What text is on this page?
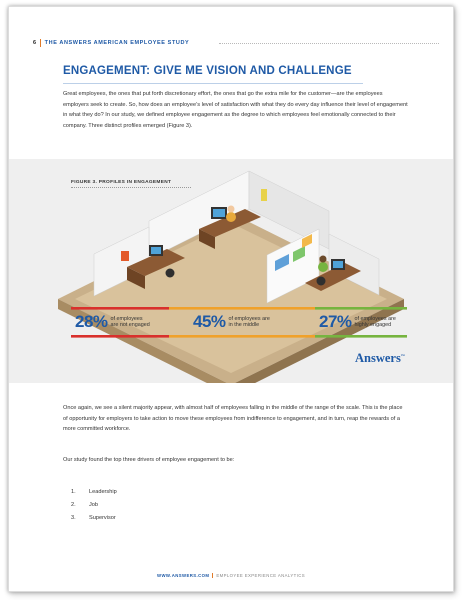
6 THE ANSWERS AMERICAN EMPLOYEE STUDY
ENGAGEMENT: GIVE ME VISION AND CHALLENGE
Great employees, the ones that put forth discretionary effort, the ones that go the extra mile for the customer—are the employees employers seek to create. So, how does an employee’s level of satisfaction with what they do every day influence their level of engagement in what they do? In our study, we defined employee engagement as the degree to which employees feel emotionally connected to their company. Three distinct profiles emerged (Figure 3).
FIGURE 3. PROFILES IN ENGAGEMENT
28% of employees
are not engaged	45% of employees are
in the middle	27% of employees are
highly engaged
Answers™
Once again, we see a silent majority appear, with almost half of employees falling in the middle of the range of the scale. This is the place of opportunity for employers to take action to move these employees from indifference to engagement, and in turn, reap the rewards of a more committed workforce.
Our study found the top three drivers of employee engagement to be:
1.	Leadership
2.	Job
3.	Supervisor
WWW.ANSWERS.COM EMPLOYEE EXPERIENCE ANALYTICS
